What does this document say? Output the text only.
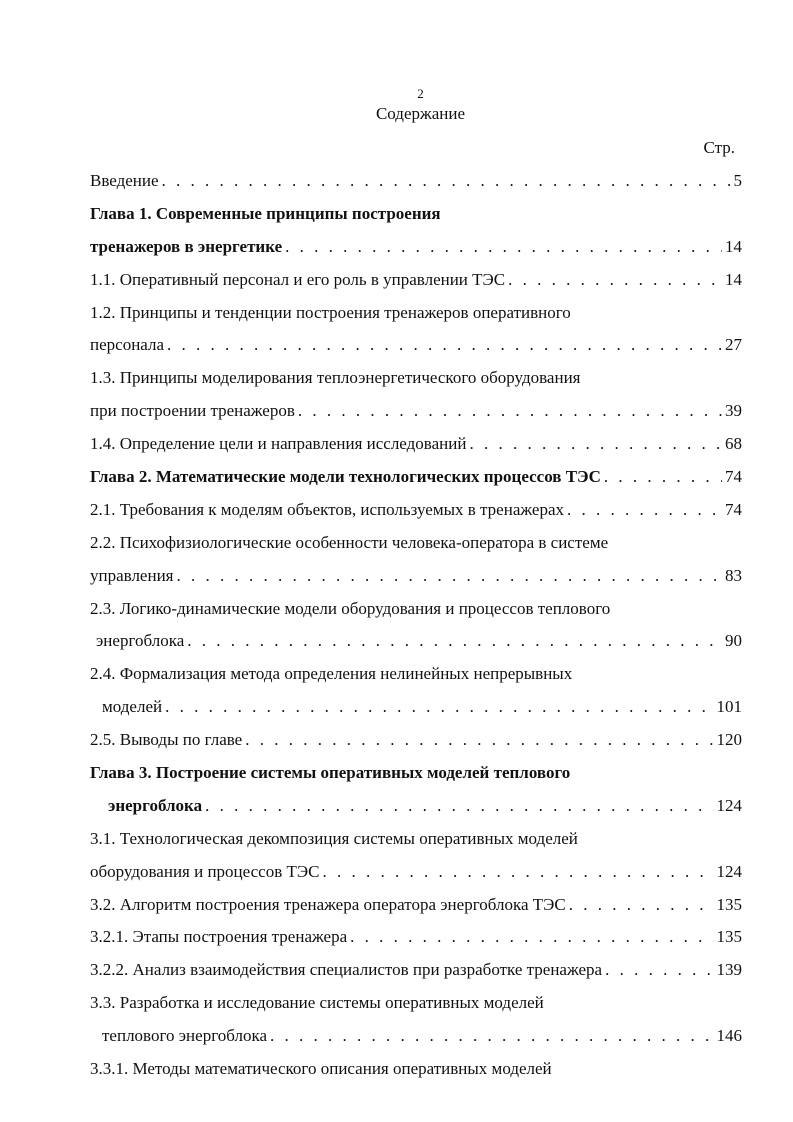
2
Содержание
Стр.
Введение . . .	5
Глава 1. Современные принципы построения
тренажеров в энергетике . . .	14
1.1. Оперативный персонал и его роль в управлении ТЭС . . .	14
1.2. Принципы и тенденции построения тренажеров оперативного
персонала . . .	27
1.3. Принципы моделирования теплоэнергетического оборудования
при построении тренажеров . . .	39
1.4. Определение цели и направления исследований . . .	68
Глава 2. Математические модели технологических процессов ТЭС . . .	74
2.1. Требования к моделям объектов, используемых в тренажерах . . .	74
2.2. Психофизиологические особенности человека-оператора в системе
управления . . .	83
2.3. Логико-динамические модели оборудования и процессов теплового
энергоблока . . .	90
2.4. Формализация метода определения нелинейных непрерывных
моделей . . .	101
2.5. Выводы по главе . . .	120
Глава 3. Построение системы оперативных моделей теплового
энергоблока . . .	124
3.1. Технологическая декомпозиция системы оперативных моделей
оборудования и процессов ТЭС . . .	124
3.2. Алгоритм построения тренажера оператора энергоблока ТЭС . . .	135
3.2.1. Этапы построения тренажера . . .	135
3.2.2. Анализ взаимодействия специалистов при разработке тренажера . . .	139
3.3. Разработка и исследование системы оперативных моделей
теплового энергоблока . . .	146
3.3.1. Методы математического описания оперативных моделей
